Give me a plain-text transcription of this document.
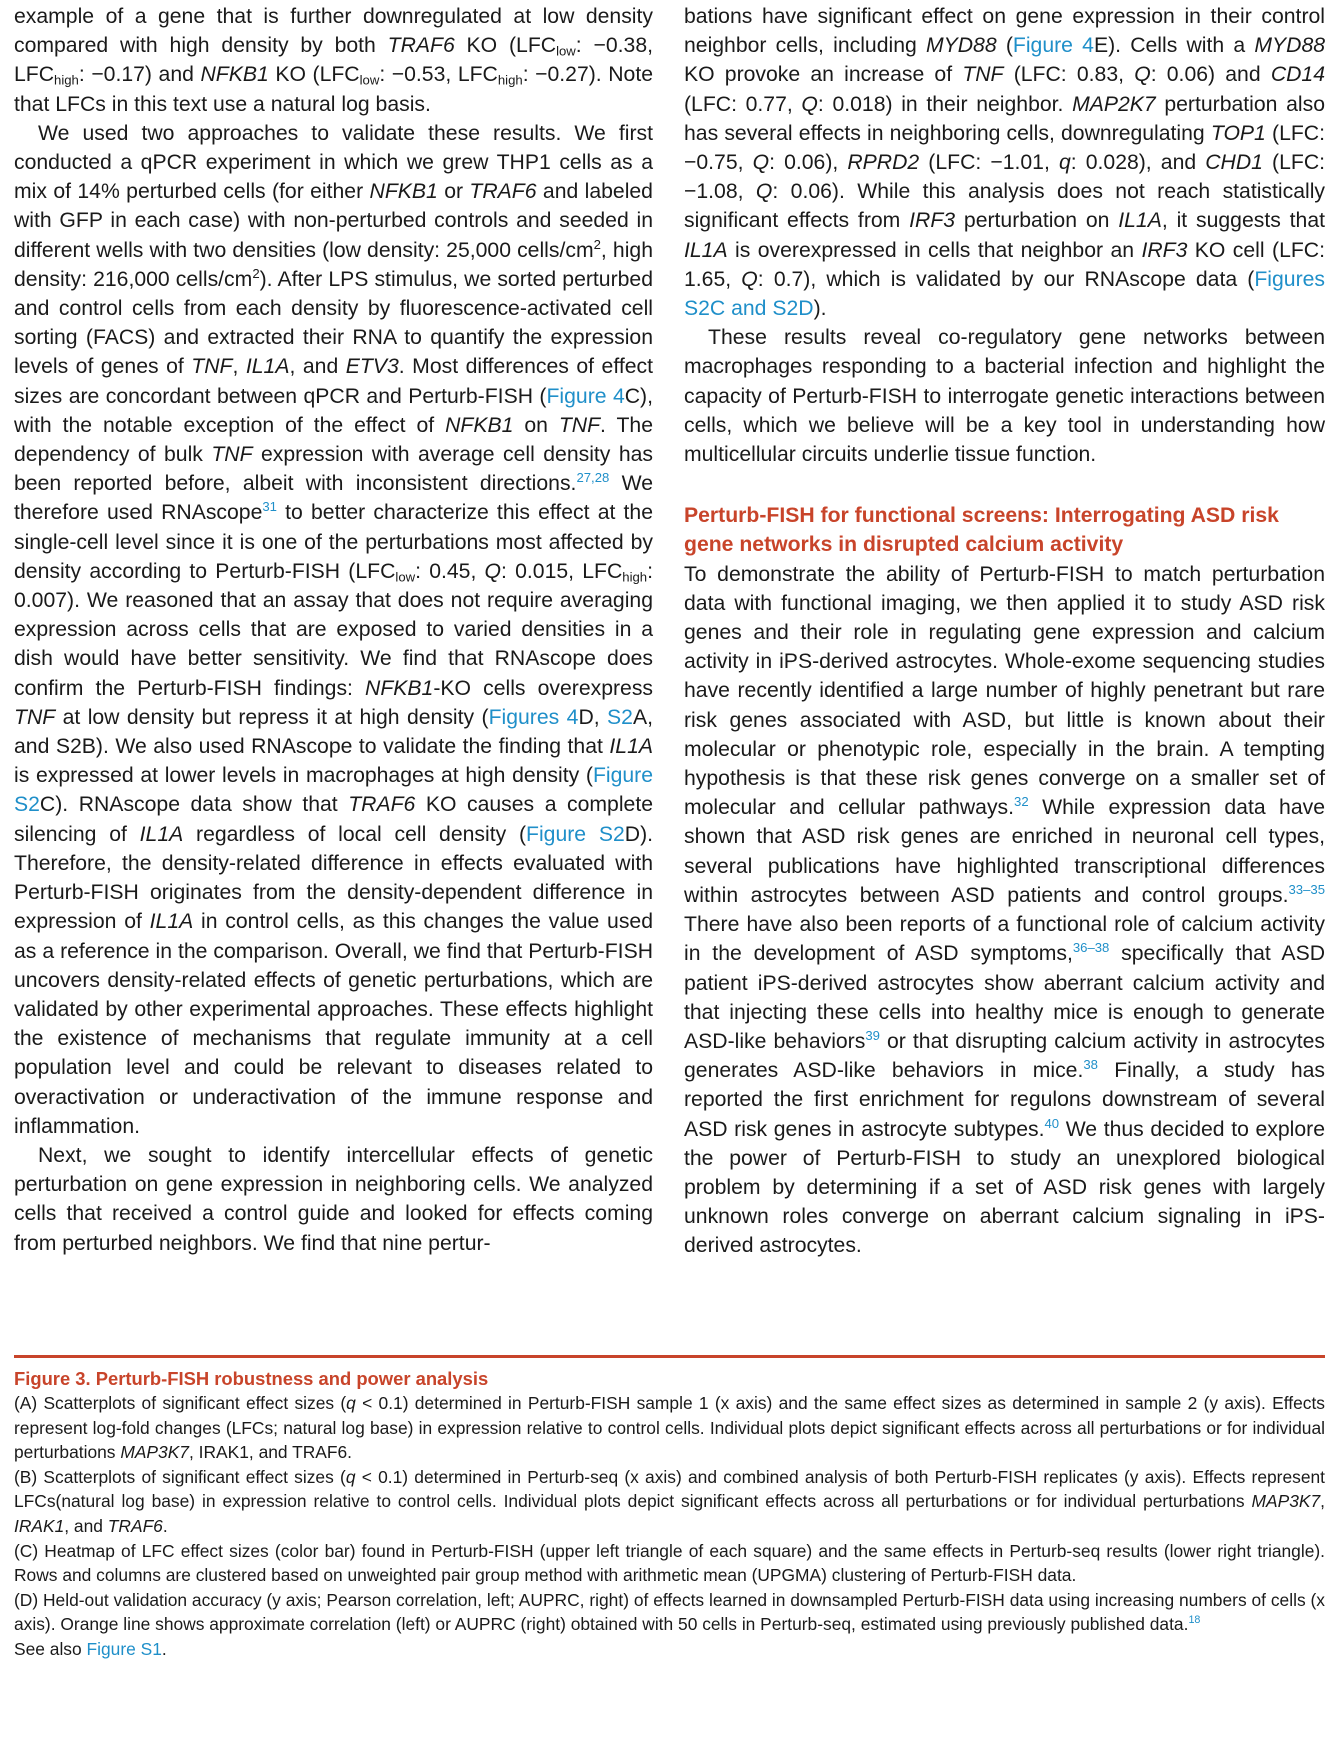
example of a gene that is further downregulated at low density compared with high density by both TRAF6 KO ($LFC_{low}$: −0.38, $LFC_{high}$: −0.17) and NFKB1 KO ($LFC_{low}$: −0.53, $LFC_{high}$: −0.27). Note that LFCs in this text use a natural log basis.

We used two approaches to validate these results. We first conducted a qPCR experiment in which we grew THP1 cells as a mix of 14% perturbed cells (for either NFKB1 or TRAF6 and labeled with GFP in each case) with non-perturbed controls and seeded in different wells with two densities (low density: 25,000 cells/$cm^2$, high density: 216,000 cells/$cm^2$). After LPS stimulus, we sorted perturbed and control cells from each density by fluorescence-activated cell sorting (FACS) and extracted their RNA to quantify the expression levels of genes of TNF, IL1A, and ETV3. Most differences of effect sizes are concordant between qPCR and Perturb-FISH (Figure 4C), with the notable exception of the effect of NFKB1 on TNF. The dependency of bulk TNF expression with average cell density has been reported before, albeit with inconsistent directions.$^{27,28}$ We therefore used RNAscope$^{31}$ to better characterize this effect at the single-cell level since it is one of the perturbations most affected by density according to Perturb-FISH ($LFC_{low}$: 0.45, Q: 0.015, $LFC_{high}$: 0.007). We reasoned that an assay that does not require averaging expression across cells that are exposed to varied densities in a dish would have better sensitivity. We find that RNAscope does confirm the Perturb-FISH findings: NFKB1-KO cells overexpress TNF at low density but repress it at high density (Figures 4D, S2A, and S2B). We also used RNAscope to validate the finding that IL1A is expressed at lower levels in macrophages at high density (Figure S2C). RNAscope data show that TRAF6 KO causes a complete silencing of IL1A regardless of local cell density (Figure S2D). Therefore, the density-related difference in effects evaluated with Perturb-FISH originates from the density-dependent difference in expression of IL1A in control cells, as this changes the value used as a reference in the comparison. Overall, we find that Perturb-FISH uncovers density-related effects of genetic perturbations, which are validated by other experimental approaches. These effects highlight the existence of mechanisms that regulate immunity at a cell population level and could be relevant to diseases related to overactivation or underactivation of the immune response and inflammation.

Next, we sought to identify intercellular effects of genetic perturbation on gene expression in neighboring cells. We analyzed cells that received a control guide and looked for effects coming from perturbed neighbors. We find that nine pertur-

bations have significant effect on gene expression in their control neighbor cells, including MYD88 (Figure 4E). Cells with a MYD88 KO provoke an increase of TNF (LFC: 0.83, Q: 0.06) and CD14 (LFC: 0.77, Q: 0.018) in their neighbor. MAP2K7 perturbation also has several effects in neighboring cells, downregulating TOP1 (LFC: −0.75, Q: 0.06), RPRD2 (LFC: −1.01, q: 0.028), and CHD1 (LFC: −1.08, Q: 0.06). While this analysis does not reach statistically significant effects from IRF3 perturbation on IL1A, it suggests that IL1A is overexpressed in cells that neighbor an IRF3 KO cell (LFC: 1.65, Q: 0.7), which is validated by our RNAscope data (Figures S2C and S2D).

These results reveal co-regulatory gene networks between macrophages responding to a bacterial infection and highlight the capacity of Perturb-FISH to interrogate genetic interactions between cells, which we believe will be a key tool in understanding how multicellular circuits underlie tissue function.

Perturb-FISH for functional screens: Interrogating ASD risk gene networks in disrupted calcium activity

To demonstrate the ability of Perturb-FISH to match perturbation data with functional imaging, we then applied it to study ASD risk genes and their role in regulating gene expression and calcium activity in iPS-derived astrocytes. Whole-exome sequencing studies have recently identified a large number of highly penetrant but rare risk genes associated with ASD, but little is known about their molecular or phenotypic role, especially in the brain. A tempting hypothesis is that these risk genes converge on a smaller set of molecular and cellular pathways.$^{32}$ While expression data have shown that ASD risk genes are enriched in neuronal cell types, several publications have highlighted transcriptional differences within astrocytes between ASD patients and control groups.$^{33-35}$ There have also been reports of a functional role of calcium activity in the development of ASD symptoms,$^{36-38}$ specifically that ASD patient iPS-derived astrocytes show aberrant calcium activity and that injecting these cells into healthy mice is enough to generate ASD-like behaviors$^{39}$ or that disrupting calcium activity in astrocytes generates ASD-like behaviors in mice.$^{38}$ Finally, a study has reported the first enrichment for regulons downstream of several ASD risk genes in astrocyte subtypes.$^{40}$ We thus decided to explore the power of Perturb-FISH to study an unexplored biological problem by determining if a set of ASD risk genes with largely unknown roles converge on aberrant calcium signaling in iPS-derived astrocytes.

Figure 3. Perturb-FISH robustness and power analysis

(A) Scatterplots of significant effect sizes (q < 0.1) determined in Perturb-FISH sample 1 (x axis) and the same effect sizes as determined in sample 2 (y axis). Effects represent log-fold changes (LFCs; natural log base) in expression relative to control cells. Individual plots depict significant effects across all perturbations or for individual perturbations MAP3K7, IRAK1, and TRAF6.

(B) Scatterplots of significant effect sizes (q < 0.1) determined in Perturb-seq (x axis) and combined analysis of both Perturb-FISH replicates (y axis). Effects represent LFCs(natural log base) in expression relative to control cells. Individual plots depict significant effects across all perturbations or for individual perturbations MAP3K7, IRAK1, and TRAF6.

(C) Heatmap of LFC effect sizes (color bar) found in Perturb-FISH (upper left triangle of each square) and the same effects in Perturb-seq results (lower right triangle). Rows and columns are clustered based on unweighted pair group method with arithmetic mean (UPGMA) clustering of Perturb-FISH data.

(D) Held-out validation accuracy (y axis; Pearson correlation, left; AUPRC, right) of effects learned in downsampled Perturb-FISH data using increasing numbers of cells (x axis). Orange line shows approximate correlation (left) or AUPRC (right) obtained with 50 cells in Perturb-seq, estimated using previously published data.$^{18}$

See also Figure S1.
